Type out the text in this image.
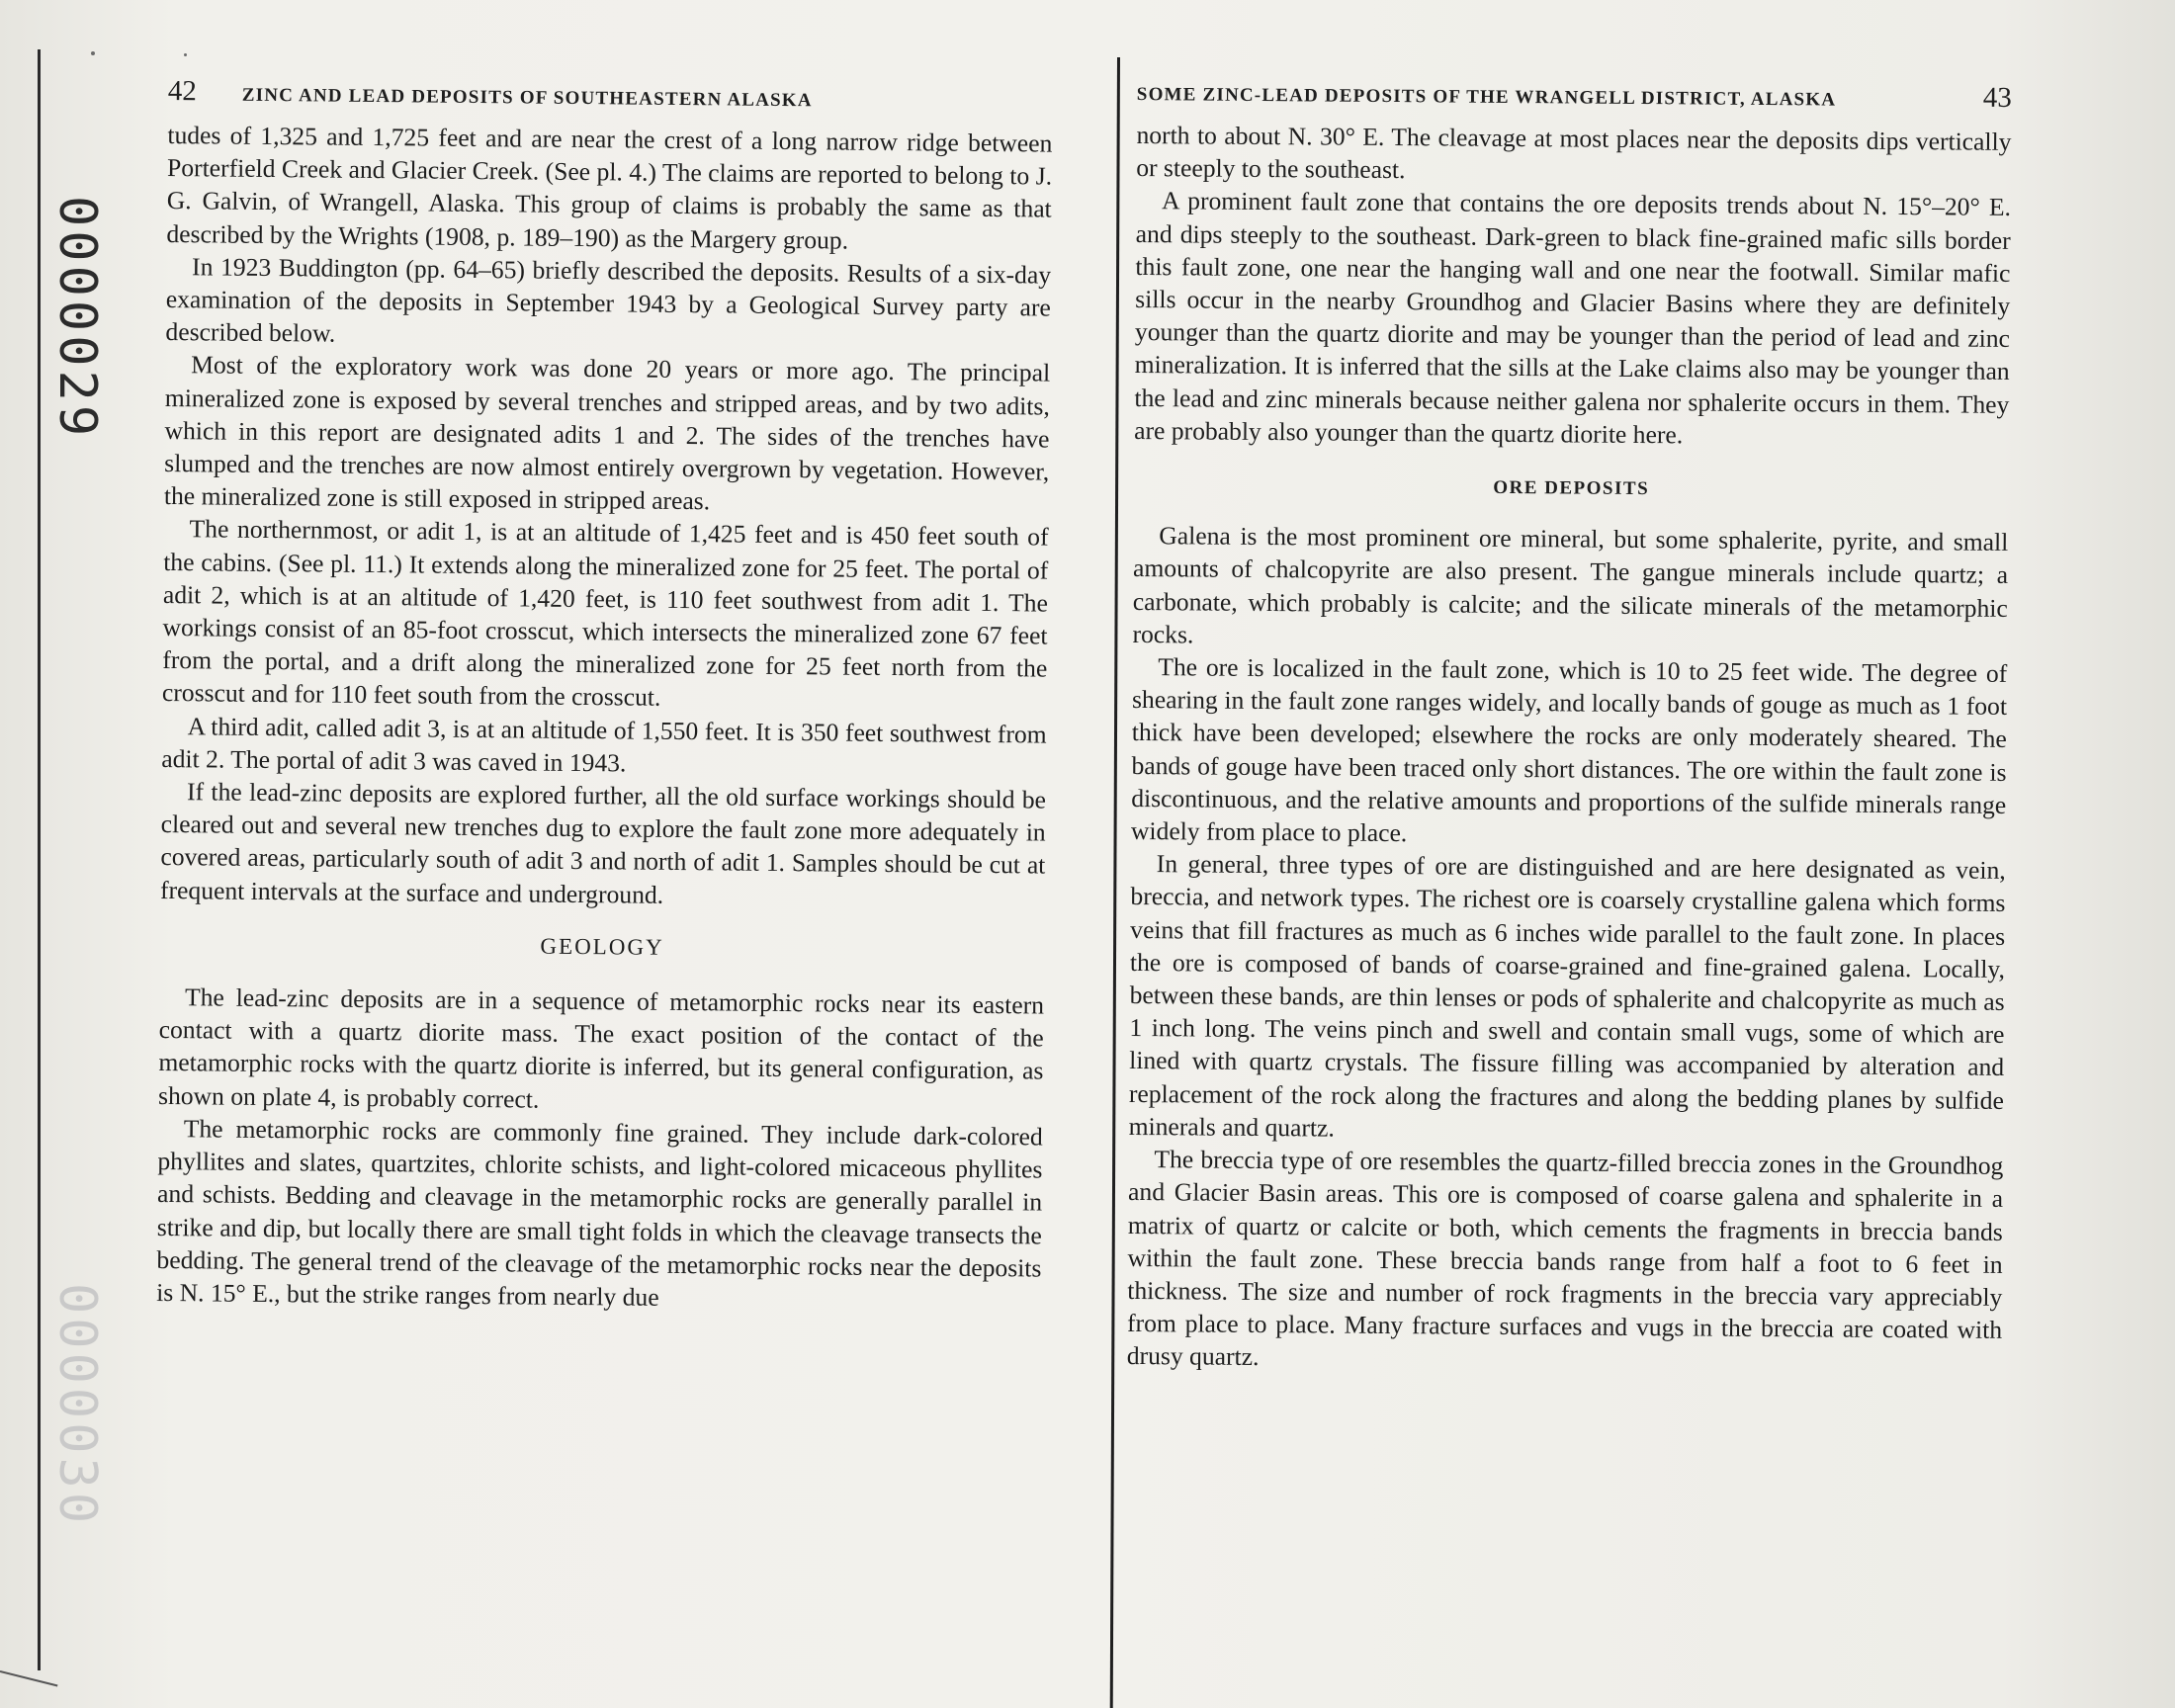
0000029
0000030
42 ZINC AND LEAD DEPOSITS OF SOUTHEASTERN ALASKA

tudes of 1,325 and 1,725 feet and are near the crest of a long narrow ridge between Porterfield Creek and Glacier Creek. (See pl. 4.) The claims are reported to belong to J. G. Galvin, of Wrangell, Alaska. This group of claims is probably the same as that described by the Wrights (1908, p. 189–190) as the Margery group.

In 1923 Buddington (pp. 64–65) briefly described the deposits. Results of a six-day examination of the deposits in September 1943 by a Geological Survey party are described below.

Most of the exploratory work was done 20 years or more ago. The principal mineralized zone is exposed by several trenches and stripped areas, and by two adits, which in this report are designated adits 1 and 2. The sides of the trenches have slumped and the trenches are now almost entirely overgrown by vegetation. However, the mineralized zone is still exposed in stripped areas.

The northernmost, or adit 1, is at an altitude of 1,425 feet and is 450 feet south of the cabins. (See pl. 11.) It extends along the mineralized zone for 25 feet. The portal of adit 2, which is at an altitude of 1,420 feet, is 110 feet southwest from adit 1. The workings consist of an 85-foot crosscut, which intersects the mineralized zone 67 feet from the portal, and a drift along the mineralized zone for 25 feet north from the crosscut and for 110 feet south from the crosscut.

A third adit, called adit 3, is at an altitude of 1,550 feet. It is 350 feet southwest from adit 2. The portal of adit 3 was caved in 1943.

If the lead-zinc deposits are explored further, all the old surface workings should be cleared out and several new trenches dug to explore the fault zone more adequately in covered areas, particularly south of adit 3 and north of adit 1. Samples should be cut at frequent intervals at the surface and underground.

GEOLOGY

The lead-zinc deposits are in a sequence of metamorphic rocks near its eastern contact with a quartz diorite mass. The exact position of the contact of the metamorphic rocks with the quartz diorite is inferred, but its general configuration, as shown on plate 4, is probably correct.

The metamorphic rocks are commonly fine grained. They include dark-colored phyllites and slates, quartzites, chlorite schists, and light-colored micaceous phyllites and schists. Bedding and cleavage in the metamorphic rocks are generally parallel in strike and dip, but locally there are small tight folds in which the cleavage transects the bedding. The general trend of the cleavage of the metamorphic rocks near the deposits is N. 15° E., but the strike ranges from nearly due

SOME ZINC-LEAD DEPOSITS OF THE WRANGELL DISTRICT, ALASKA	43

north to about N. 30° E. The cleavage at most places near the deposits dips vertically or steeply to the southeast.

A prominent fault zone that contains the ore deposits trends about N. 15°–20° E. and dips steeply to the southeast. Dark-green to black fine-grained mafic sills border this fault zone, one near the hanging wall and one near the footwall. Similar mafic sills occur in the nearby Groundhog and Glacier Basins where they are definitely younger than the quartz diorite and may be younger than the period of lead and zinc mineralization. It is inferred that the sills at the Lake claims also may be younger than the lead and zinc minerals because neither galena nor sphalerite occurs in them. They are probably also younger than the quartz diorite here.

ORE DEPOSITS

Galena is the most prominent ore mineral, but some sphalerite, pyrite, and small amounts of chalcopyrite are also present. The gangue minerals include quartz; a carbonate, which probably is calcite; and the silicate minerals of the metamorphic rocks.

The ore is localized in the fault zone, which is 10 to 25 feet wide. The degree of shearing in the fault zone ranges widely, and locally bands of gouge as much as 1 foot thick have been developed; elsewhere the rocks are only moderately sheared. The bands of gouge have been traced only short distances. The ore within the fault zone is discontinuous, and the relative amounts and proportions of the sulfide minerals range widely from place to place.

In general, three types of ore are distinguished and are here designated as vein, breccia, and network types. The richest ore is coarsely crystalline galena which forms veins that fill fractures as much as 6 inches wide parallel to the fault zone. In places the ore is composed of bands of coarse-grained and fine-grained galena. Locally, between these bands, are thin lenses or pods of sphalerite and chalcopyrite as much as 1 inch long. The veins pinch and swell and contain small vugs, some of which are lined with quartz crystals. The fissure filling was accompanied by alteration and replacement of the rock along the fractures and along the bedding planes by sulfide minerals and quartz.

The breccia type of ore resembles the quartz-filled breccia zones in the Groundhog and Glacier Basin areas. This ore is composed of coarse galena and sphalerite in a matrix of quartz or calcite or both, which cements the fragments in breccia bands within the fault zone. These breccia bands range from half a foot to 6 feet in thickness. The size and number of rock fragments in the breccia vary appreciably from place to place. Many fracture surfaces and vugs in the breccia are coated with drusy quartz.
